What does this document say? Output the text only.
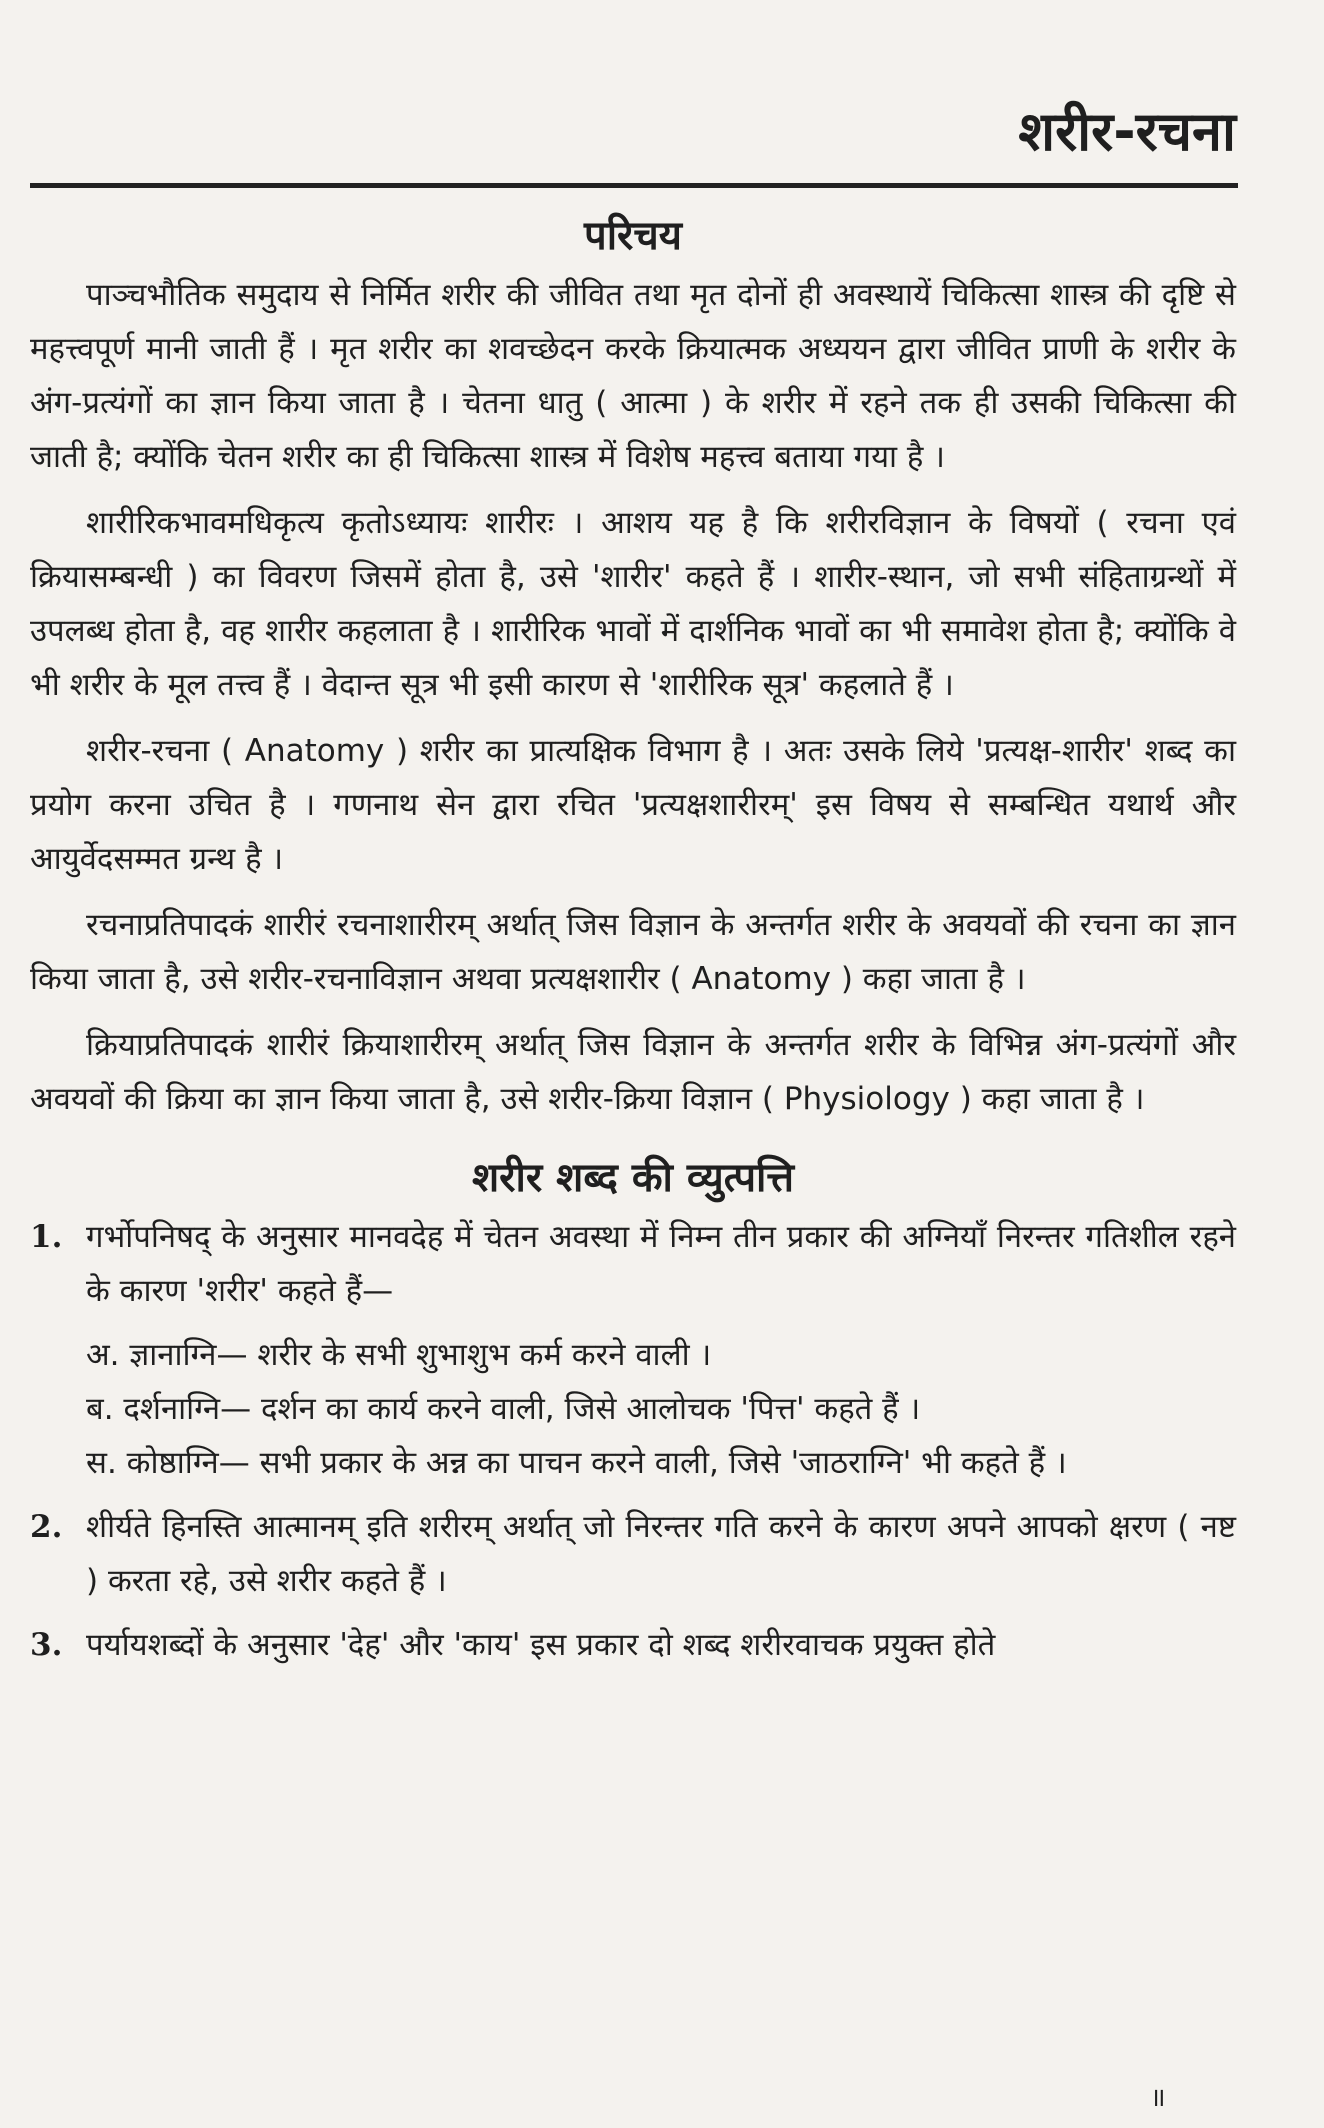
शरीर-रचना
परिचय

पाञ्चभौतिक समुदाय से निर्मित शरीर की जीवित तथा मृत दोनों ही अवस्थायें चिकित्सा शास्त्र की दृष्टि से महत्त्वपूर्ण मानी जाती हैं । मृत शरीर का शवच्छेदन करके क्रियात्मक अध्ययन द्वारा जीवित प्राणी के शरीर के अंग-प्रत्यंगों का ज्ञान किया जाता है । चेतना धातु ( आत्मा ) के शरीर में रहने तक ही उसकी चिकित्सा की जाती है; क्योंकि चेतन शरीर का ही चिकित्सा शास्त्र में विशेष महत्त्व बताया गया है ।

शारीरिकभावमधिकृत्य कृतोऽध्यायः शारीरः । आशय यह है कि शरीरविज्ञान के विषयों ( रचना एवं क्रियासम्बन्धी ) का विवरण जिसमें होता है, उसे 'शारीर' कहते हैं । शारीर-स्थान, जो सभी संहिताग्रन्थों में उपलब्ध होता है, वह शारीर कहलाता है । शारीरिक भावों में दार्शनिक भावों का भी समावेश होता है; क्योंकि वे भी शरीर के मूल तत्त्व हैं । वेदान्त सूत्र भी इसी कारण से 'शारीरिक सूत्र' कहलाते हैं ।

शरीर-रचना ( Anatomy ) शरीर का प्रात्यक्षिक विभाग है । अतः उसके लिये 'प्रत्यक्ष-शारीर' शब्द का प्रयोग करना उचित है । गणनाथ सेन द्वारा रचित 'प्रत्यक्षशारीरम्' इस विषय से सम्बन्धित यथार्थ और आयुर्वेदसम्मत ग्रन्थ है ।

रचनाप्रतिपादकं शारीरं रचनाशारीरम् अर्थात् जिस विज्ञान के अन्तर्गत शरीर के अवयवों की रचना का ज्ञान किया जाता है, उसे शरीर-रचनाविज्ञान अथवा प्रत्यक्षशारीर ( Anatomy ) कहा जाता है ।

क्रियाप्रतिपादकं शारीरं क्रियाशारीरम् अर्थात् जिस विज्ञान के अन्तर्गत शरीर के विभिन्न अंग-प्रत्यंगों और अवयवों की क्रिया का ज्ञान किया जाता है, उसे शरीर-क्रिया विज्ञान ( Physiology ) कहा जाता है ।

शरीर शब्द की व्युत्पत्ति
1. गर्भोपनिषद् के अनुसार मानवदेह में चेतन अवस्था में निम्न तीन प्रकार की अग्नियाँ निरन्तर गतिशील रहने के कारण 'शरीर' कहते हैं—
अ. ज्ञानाग्नि— शरीर के सभी शुभाशुभ कर्म करने वाली ।
ब. दर्शनाग्नि— दर्शन का कार्य करने वाली, जिसे आलोचक 'पित्त' कहते हैं ।
स. कोष्ठाग्नि— सभी प्रकार के अन्न का पाचन करने वाली, जिसे 'जाठराग्नि' भी कहते हैं ।
2. शीर्यते हिनस्ति आत्मानम् इति शरीरम् अर्थात् जो निरन्तर गति करने के कारण अपने आपको क्षरण ( नष्ट ) करता रहे, उसे शरीर कहते हैं ।
3. पर्यायशब्दों के अनुसार 'देह' और 'काय' इस प्रकार दो शब्द शरीरवाचक प्रयुक्त होते
॥
